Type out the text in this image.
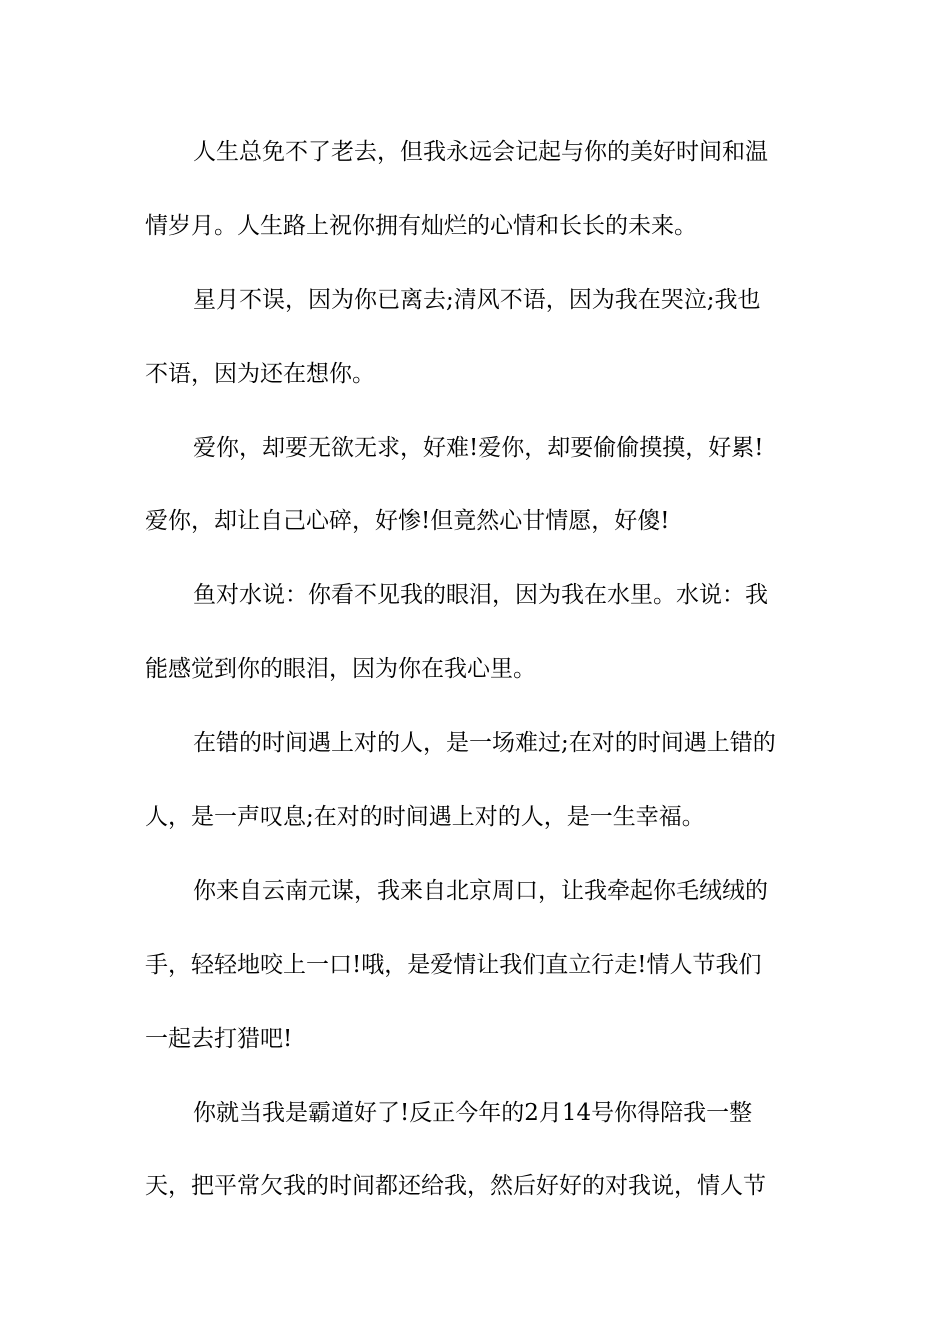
人生总免不了老去，但我永远会记起与你的美好时间和温
情岁月。人生路上祝你拥有灿烂的心情和长长的未来。
星月不误，因为你已离去;清风不语，因为我在哭泣;我也
不语，因为还在想你。
爱你，却要无欲无求，好难!爱你，却要偷偷摸摸，好累!
爱你，却让自己心碎，好惨!但竟然心甘情愿，好傻!
鱼对水说：你看不见我的眼泪，因为我在水里。水说：我
能感觉到你的眼泪，因为你在我心里。
在错的时间遇上对的人，是一场难过;在对的时间遇上错的
人，是一声叹息;在对的时间遇上对的人，是一生幸福。
你来自云南元谋，我来自北京周口，让我牵起你毛绒绒的
手，轻轻地咬上一口!哦，是爱情让我们直立行走!情人节我们
一起去打猎吧!
你就当我是霸道好了!反正今年的2月14号你得陪我一整
天，把平常欠我的时间都还给我，然后好好的对我说，情人节
